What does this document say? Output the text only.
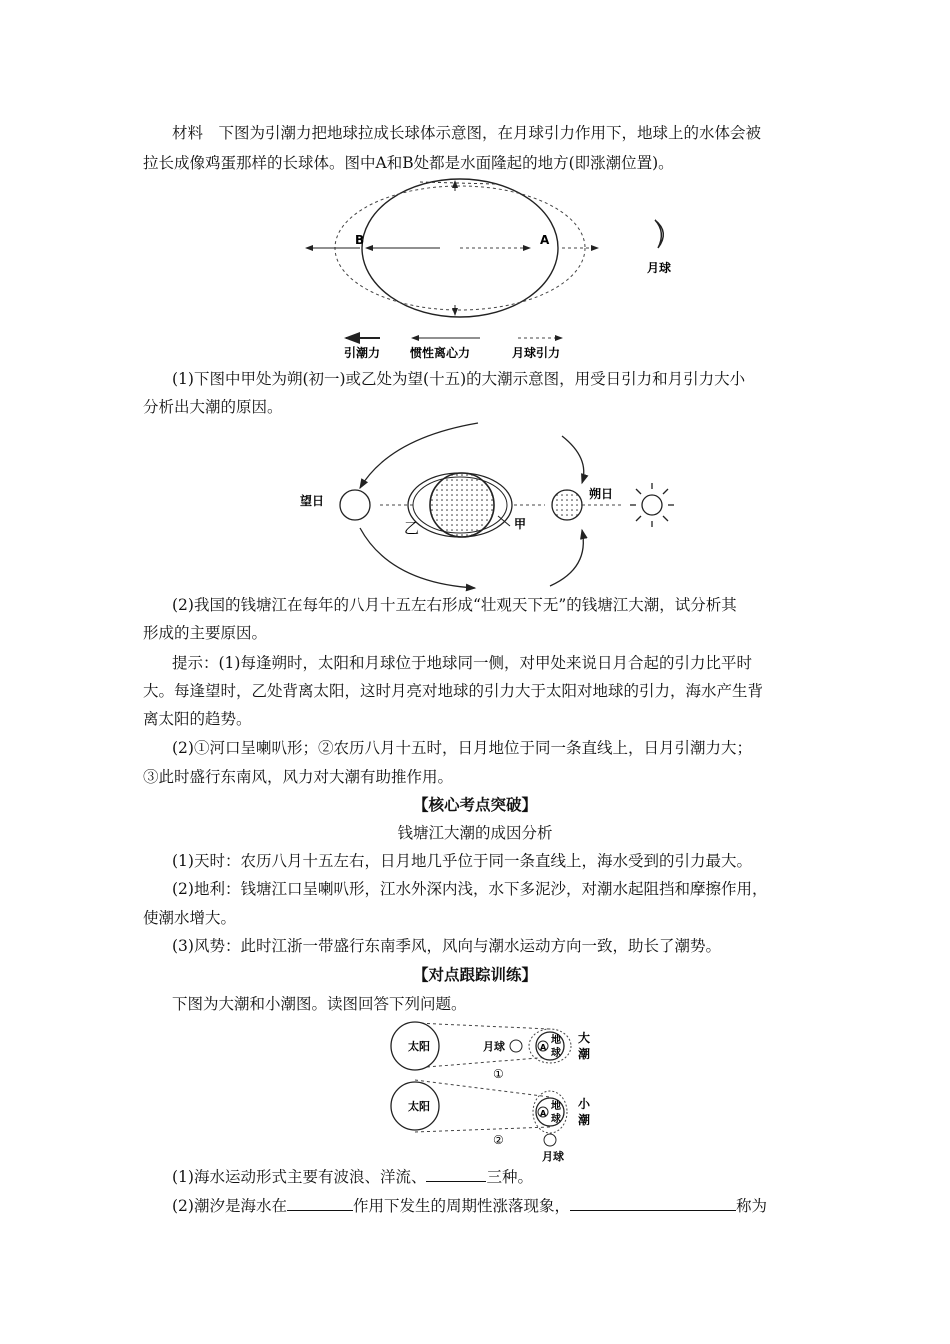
材料　下图为引潮力把地球拉成长球体示意图，在月球引力作用下，地球上的水体会被
拉长成像鸡蛋那样的长球体。图中A和B处都是水面隆起的地方(即涨潮位置)。
B	A
月球
引潮力 惯性离心力	月球引力
(1)下图中甲处为朔(初一)或乙处为望(十五)的大潮示意图，用受日引力和月引力大小
分析出大潮的原因。
望日
乙	甲
朔日
(2)我国的钱塘江在每年的八月十五左右形成“壮观天下无”的钱塘江大潮，试分析其
形成的主要原因。
提示：(1)每逢朔时，太阳和月球位于地球同一侧，对甲处来说日月合起的引力比平时
大。每逢望时，乙处背离太阳，这时月亮对地球的引力大于太阳对地球的引力，海水产生背
离太阳的趋势。
(2)①河口呈喇叭形；②农历八月十五时，日月地位于同一条直线上，日月引潮力大；
③此时盛行东南风，风力对大潮有助推作用。
【核心考点突破】
钱塘江大潮的成因分析
(1)天时：农历八月十五左右，日月地几乎位于同一条直线上，海水受到的引力最大。
(2)地利：钱塘江口呈喇叭形，江水外深内浅，水下多泥沙，对潮水起阻挡和摩擦作用，
使潮水增大。
(3)风势：此时江浙一带盛行东南季风，风向与潮水运动方向一致，助长了潮势。
【对点跟踪训练】
下图为大潮和小潮图。读图回答下列问题。
太阳	月球	A
地
球
大
潮
①
太阳
A
地
球
小
潮
②
月球
(1)海水运动形式主要有波浪、洋流、	三种。
(2)潮汐是海水在	作用下发生的周期性涨落现象，	称为
